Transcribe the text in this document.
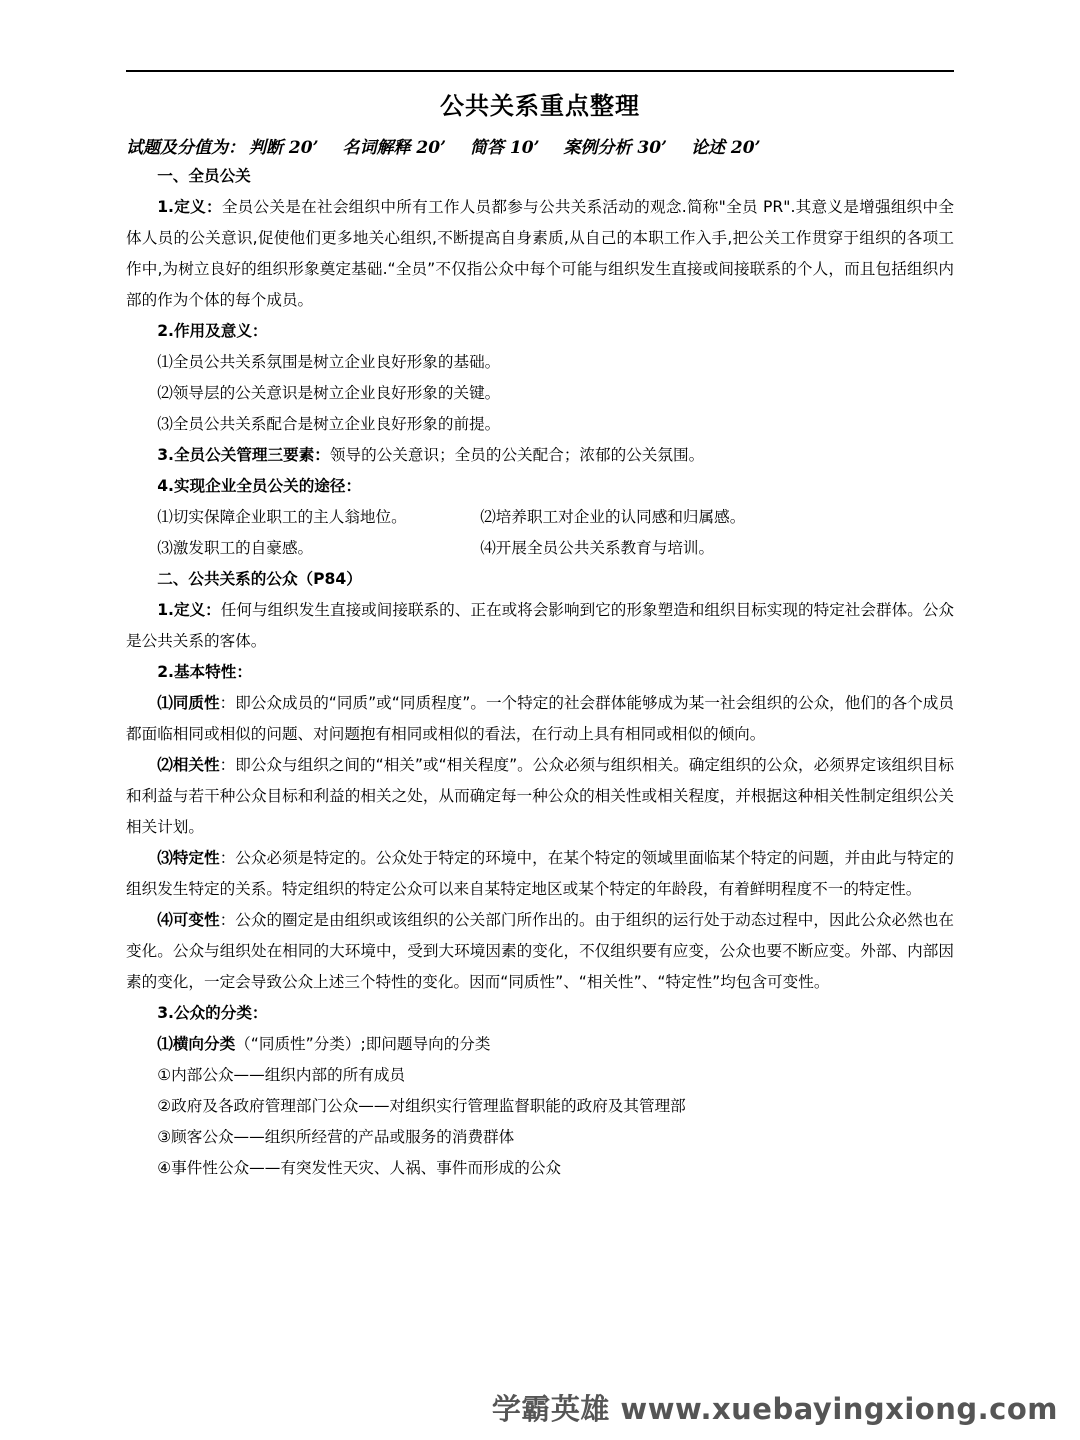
公共关系重点整理
试题及分值为： 判断 20’ 名词解释 20’ 简答 10’ 案例分析 30’ 论述 20’

一、全员公关

1.定义：全员公关是在社会组织中所有工作人员都参与公共关系活动的观念.简称"全员 PR".其意义是增强组织中全体人员的公关意识,促使他们更多地关心组织,不断提高自身素质,从自己的本职工作入手,把公关工作贯穿于组织的各项工作中,为树立良好的组织形象奠定基础.“全员”不仅指公众中每个可能与组织发生直接或间接联系的个人，而且包括组织内部的作为个体的每个成员。

2.作用及意义：

⑴全员公共关系氛围是树立企业良好形象的基础。

⑵领导层的公关意识是树立企业良好形象的关键。

⑶全员公共关系配合是树立企业良好形象的前提。

3.全员公关管理三要素：领导的公关意识；全员的公关配合；浓郁的公关氛围。

4.实现企业全员公关的途径：

⑴切实保障企业职工的主人翁地位。	⑵培养职工对企业的认同感和归属感。
⑶激发职工的自豪感。	⑷开展全员公共关系教育与培训。

二、公共关系的公众（P84）

1.定义：任何与组织发生直接或间接联系的、正在或将会影响到它的形象塑造和组织目标实现的特定社会群体。公众是公共关系的客体。

2.基本特性：

⑴同质性：即公众成员的“同质”或“同质程度”。一个特定的社会群体能够成为某一社会组织的公众，他们的各个成员都面临相同或相似的问题、对问题抱有相同或相似的看法，在行动上具有相同或相似的倾向。

⑵相关性：即公众与组织之间的“相关”或“相关程度”。公众必须与组织相关。确定组织的公众，必须界定该组织目标和利益与若干种公众目标和利益的相关之处，从而确定每一种公众的相关性或相关程度，并根据这种相关性制定组织公关相关计划。

⑶特定性：公众必须是特定的。公众处于特定的环境中，在某个特定的领域里面临某个特定的问题，并由此与特定的组织发生特定的关系。特定组织的特定公众可以来自某特定地区或某个特定的年龄段，有着鲜明程度不一的特定性。

⑷可变性：公众的圈定是由组织或该组织的公关部门所作出的。由于组织的运行处于动态过程中，因此公众必然也在变化。公众与组织处在相同的大环境中，受到大环境因素的变化，不仅组织要有应变，公众也要不断应变。外部、内部因素的变化，一定会导致公众上述三个特性的变化。因而“同质性”、“相关性”、“特定性”均包含可变性。

3.公众的分类：

⑴横向分类（“同质性”分类）;即问题导向的分类

①内部公众——组织内部的所有成员

②政府及各政府管理部门公众——对组织实行管理监督职能的政府及其管理部

③顾客公众——组织所经营的产品或服务的消费群体

④事件性公众——有突发性天灾、人祸、事件而形成的公众

学霸英雄 www.xuebayingxiong.com
